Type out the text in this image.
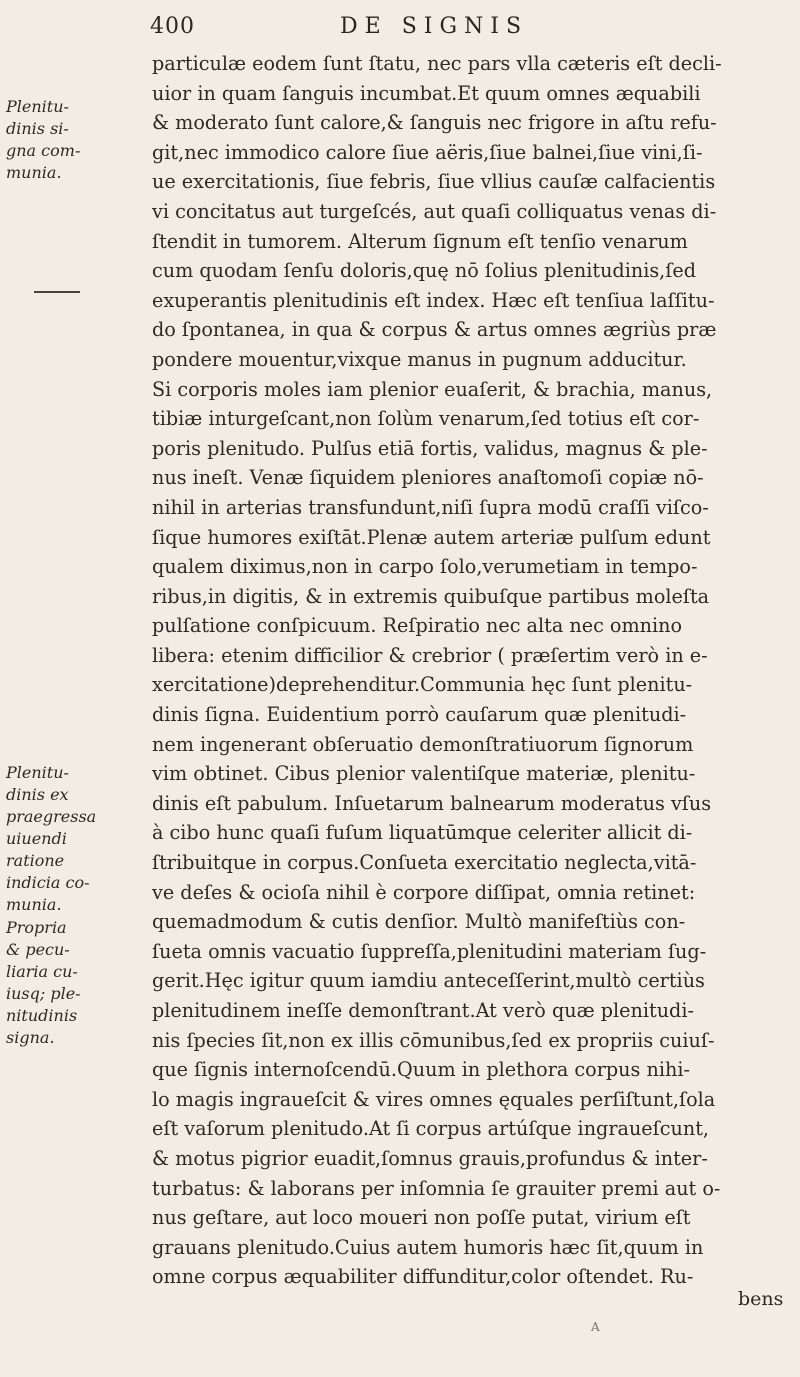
400	DE SIGNIS
Plenitu-
dinis si-
gna com-
munia.
Plenitu-
dinis ex
praegressa
uiuendi
ratione
indicia co-
munia.
Propria
& pecu-
liaria cu-
iusq; ple-
nitudinis
signa.
particulæ eodem ſunt ſtatu, nec pars vlla cæteris eſt decli-
uior in quam ſanguis incumbat.Et quum omnes æquabili
& moderato ſunt calore,& ſanguis nec frigore in aſtu refu-
git,nec immodico calore ſiue aëris,ſiue balnei,ſiue vini,ſi-
ue exercitationis, ſiue febris, ſiue vllius cauſæ calfacientis
vi concitatus aut turgeſcés, aut quaſi colliquatus venas di-
ſtendit in tumorem. Alterum ſignum eſt tenſio venarum
cum quodam ſenſu doloris,quę nō ſolius plenitudinis,ſed
exuperantis plenitudinis eſt index. Hæc eſt tenſiua laſſitu-
do ſpontanea, in qua & corpus & artus omnes ægriùs præ
pondere mouentur,vixque manus in pugnum adducitur.
Si corporis moles iam plenior euaſerit, & brachia, manus,
tibiæ inturgeſcant,non ſolùm venarum,ſed totius eſt cor-
poris plenitudo. Pulſus etiā fortis, validus, magnus & ple-
nus ineſt. Venæ ſiquidem pleniores anaſtomoſi copiæ nō-
nihil in arterias transfundunt,niſi ſupra modū craſſi viſco-
ſique humores exiſtāt.Plenæ autem arteriæ pulſum edunt
qualem diximus,non in carpo ſolo,verumetiam in tempo-
ribus,in digitis, & in extremis quibuſque partibus moleſta
pulſatione conſpicuum. Reſpiratio nec alta nec omnino
libera: etenim difficilior & crebrior ( præſertim verò in e-
xercitatione)deprehenditur.Communia hęc ſunt plenitu-
dinis ſigna. Euidentium porrò cauſarum quæ plenitudi-
nem ingenerant obſeruatio demonſtratiuorum ſignorum
vim obtinet. Cibus plenior valentiſque materiæ, plenitu-
dinis eſt pabulum. Inſuetarum balnearum moderatus vſus
à cibo hunc quaſi fuſum liquatūmque celeriter allicit di-
ſtribuitque in corpus.Conſueta exercitatio neglecta,vitā-
ve deſes & ocioſa nihil è corpore diſſipat, omnia retinet:
quemadmodum & cutis denſior. Multò manifeſtiùs con-
ſueta omnis vacuatio ſuppreſſa,plenitudini materiam ſug-
gerit.Hęc igitur quum iamdiu anteceſſerint,multò certiùs
plenitudinem ineſſe demonſtrant.At verò quæ plenitudi-
nis ſpecies ſit,non ex illis cōmunibus,ſed ex propriis cuiuſ-
que ſignis internoſcendū.Quum in plethora corpus nihi-
lo magis ingraueſcit & vires omnes ęquales perſiſtunt,ſola
eſt vaſorum plenitudo.At ſi corpus artúſque ingraueſcunt,
& motus pigrior euadit,ſomnus grauis,profundus & inter-
turbatus: & laborans per inſomnia ſe grauiter premi aut o-
nus geſtare, aut loco moueri non poſſe putat, virium eſt
grauans plenitudo.Cuius autem humoris hæc ſit,quum in
omne corpus æquabiliter diffunditur,color oſtendet. Ru-
bens
A
